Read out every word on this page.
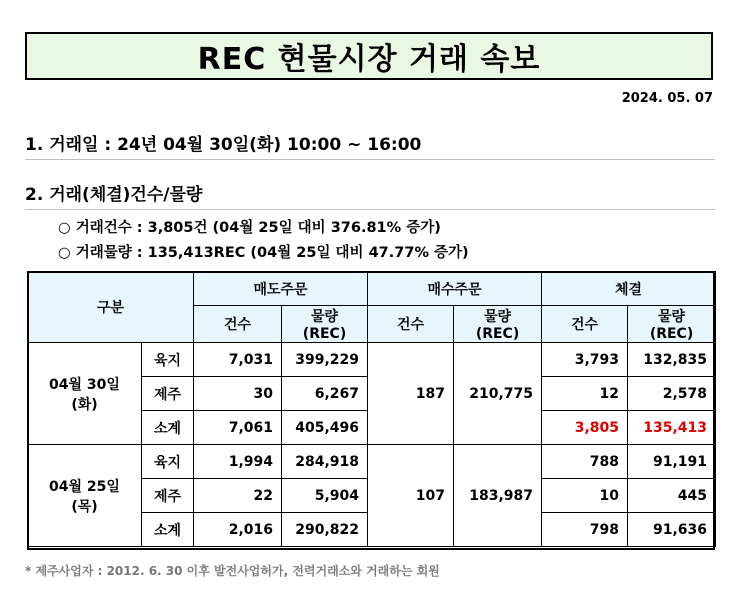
REC 현물시장 거래 속보
2024. 05. 07
1. 거래일 : 24년 04월 30일(화) 10:00 ~ 16:00
2. 거래(체결)건수/물량
○ 거래건수 : 3,805건 (04월 25일 대비 376.81% 증가)
○ 거래물량 : 135,413REC (04월 25일 대비 47.77% 증가)
구분		매도주문		매수주문		체결	
		건수	물량 (REC)	건수	물량 (REC)	건수	물량 (REC)
04월 30일(화)	육지	7,031	399,229	187	210,775	3,793	132,835
	제주	30	6,267			12	2,578
	소계	7,061	405,496			3,805	135,413
04월 25일(목)	육지	1,994	284,918	107	183,987	788	91,191
	제주	22	5,904			10	445
	소계	2,016	290,822			798	91,636
* 제주사업자 : 2012. 6. 30 이후 발전사업허가, 전력거래소와 거래하는 회원
